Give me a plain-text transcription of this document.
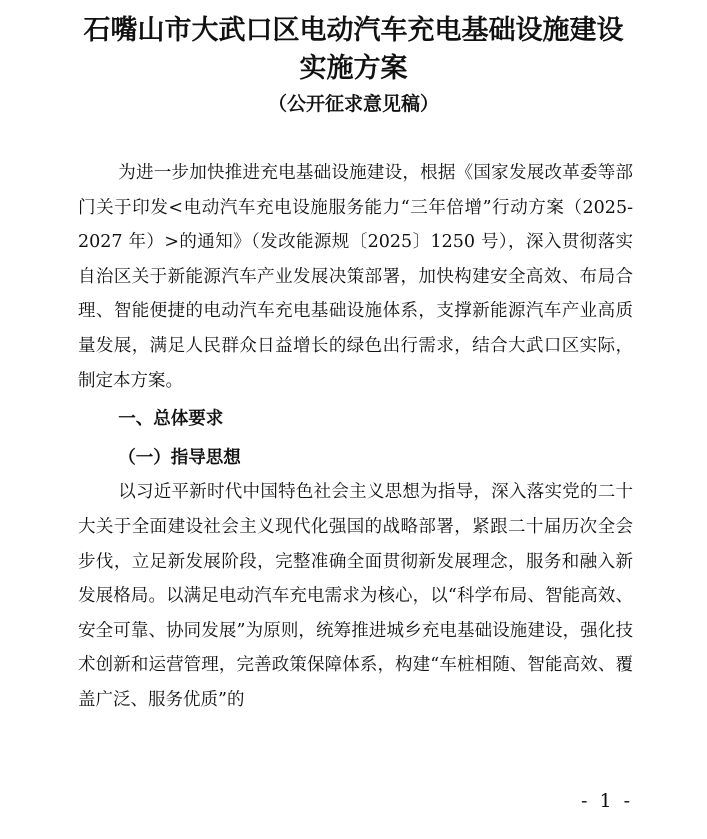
石嘴山市大武口区电动汽车充电基础设施建设
实施方案

（公开征求意见稿）

为进一步加快推进充电基础设施建设，根据《国家发展改革委等部门关于印发<电动汽车充电设施服务能力“三年倍增”行动方案（2025-2027 年）>的通知》（发改能源规〔2025〕1250 号），深入贯彻落实自治区关于新能源汽车产业发展决策部署，加快构建安全高效、布局合理、智能便捷的电动汽车充电基础设施体系，支撑新能源汽车产业高质量发展，满足人民群众日益增长的绿色出行需求，结合大武口区实际，制定本方案。

一、总体要求

（一）指导思想

以习近平新时代中国特色社会主义思想为指导，深入落实党的二十大关于全面建设社会主义现代化强国的战略部署，紧跟二十届历次全会步伐，立足新发展阶段，完整准确全面贯彻新发展理念，服务和融入新发展格局。以满足电动汽车充电需求为核心，以“科学布局、智能高效、安全可靠、协同发展”为原则，统筹推进城乡充电基础设施建设，强化技术创新和运营管理，完善政策保障体系，构建“车桩相随、智能高效、覆盖广泛、服务优质”的

- 1 -
